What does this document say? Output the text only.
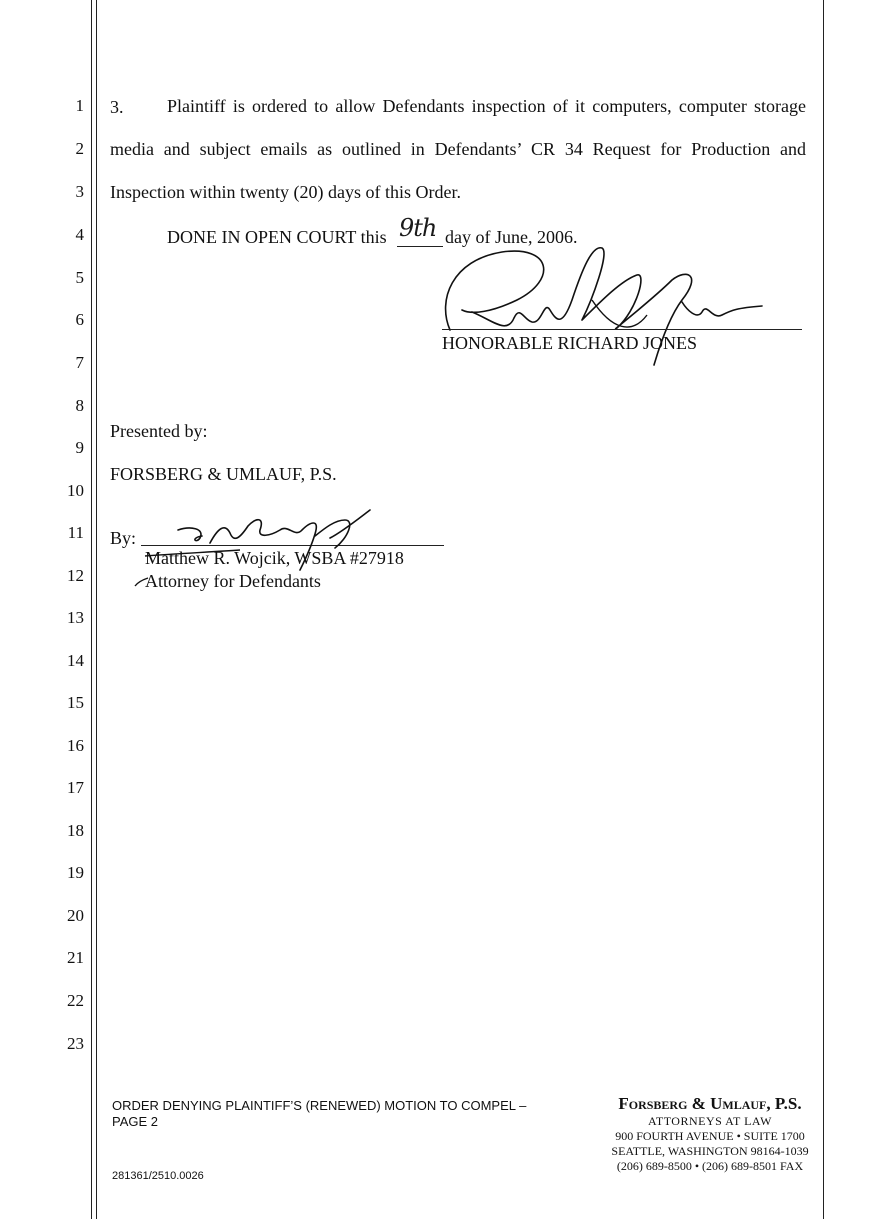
1
2
3
4
5
6
7
8
9
10
11
12
13
14
15
16
17
18
19
20
21
22
23
3. Plaintiff is ordered to allow Defendants inspection of it computers, computer storage
media and subject emails as outlined in Defendants’ CR 34 Request for Production and
Inspection within twenty (20) days of this Order.
DONE IN OPEN COURT this 9th day of June, 2006.
HONORABLE RICHARD JONES
Presented by:
FORSBERG & UMLAUF, P.S.
By:
Matthew R. Wojcik, WSBA #27918
Attorney for Defendants
ORDER DENYING PLAINTIFF’S (RENEWED) MOTION TO COMPEL –
PAGE 2
281361/2510.0026
Forsberg & Umlauf, P.S.
ATTORNEYS AT LAW
900 FOURTH AVENUE • SUITE 1700
SEATTLE, WASHINGTON 98164-1039
(206) 689-8500 • (206) 689-8501 FAX
